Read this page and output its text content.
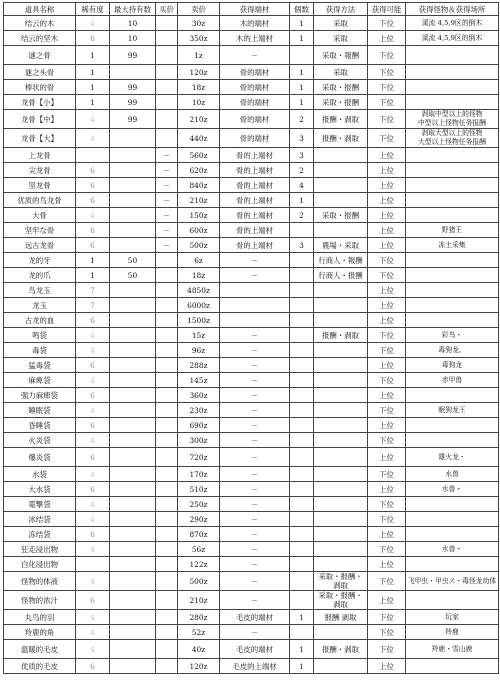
道具名称	稀有度	最大持有数	买价	卖价	获得端材	個数	获得方法	获得可能	获得怪物＆获得场所
结云的木	4	10		30z	木的端材	1	采取	下位	溪流 4,5,9区的倒木
结云的坚木	6	10		350z	木的上端材	1	采取	上位	溪流 4,5,9区的倒木
谜之骨	1	99		1z	－		采取・報酬	下位	
谜之头骨	1			120z	骨的端材	1	采取	下位	
棒状的骨	1	99		18z	骨的端材	1	采取・报酬	下位	
龙骨【小】	1	99		10z	骨的端材	1	采取・报酬	下位	
龙骨【中】	4	99		210z	骨的端材	2	报酬・剥取	下位	剥取中型以上的怪物
中型以上怪物任务报酬
龙骨【大】	4			440z	骨的端材	3	报酬・剥取	下位	剥取大型以上的怪物
大型以上怪物任务报酬
上龙骨			－	560z	骨的上端材	3		上位	
尖龙骨	6		－	620z	骨的上端材	2		上位	
坚龙骨	6		－	840z	骨的上端材	4		上位	
优质的鸟龙骨	6		－	210z	骨的上端材	1		上位	
大骨	4		－	150z	骨的上端材	2	采取・报酬	上位	
坚牢な骨	6		－	600z	骨的上端材			上位	野猪王
远古龙骨	6		－	500z	骨的上端材	3	農場・采取	上位	冻土采集
龙的牙	1	50		6z	－		行商人・報酬	下位	
龙的爪	1	50		18z	－		行商人・报酬	下位	
鸟龙玉	7			4850z				上位	
龙玉	7			6000z				上位	
古龙的血	6			1500z				上位	
鸣袋	4			15z	－		报酬・剥取	下位	彩鸟・
毒袋	4			96z	－			下位	毒狗龙、
猛毒袋	6			288z	－			上位	毒狗龙
麻痺袋	4			145z	－			下位	赤甲兽
强力麻痺袋	6			360z	－			上位	
睡眠袋	4			230z	－			下位	眠狗龙王
昏睡袋	6			690z	－			上位	
火炎袋	4			300z	－			下位	
爆炎袋	6			720z	－			上位	雄火龙・
水袋	4			170z	－			下位	水兽
大水袋	6			510z	－			上位	水兽・
電撃袋	4			250z	－			下位	
冰结袋	4			290z	－			下位	
冻结袋	6			870z	－			上位	
狂走浸出物	4			56z	－			下位	水兽・
白化浸出物				122z	－			上位	
怪物的体液	4			500z	－		采取・报酬・剥取	下位	飞甲虫・甲虫ス・毒怪龙幼体
怪物的浓汁	6			210z	－		采取・报酬・剥取	上位	
丸鸟的羽	4			280z	毛皮的端材	1	报酬 剥取	下位	玩家
羚鹿的角	4			52z	－			下位	羚鹿
温暖的毛皮	4			40z	毛皮的端材	1	报酬・剥取	下位	羚鹿・雪山鹿
优质的毛皮	6			120z	毛皮的上端材	1		上位	
